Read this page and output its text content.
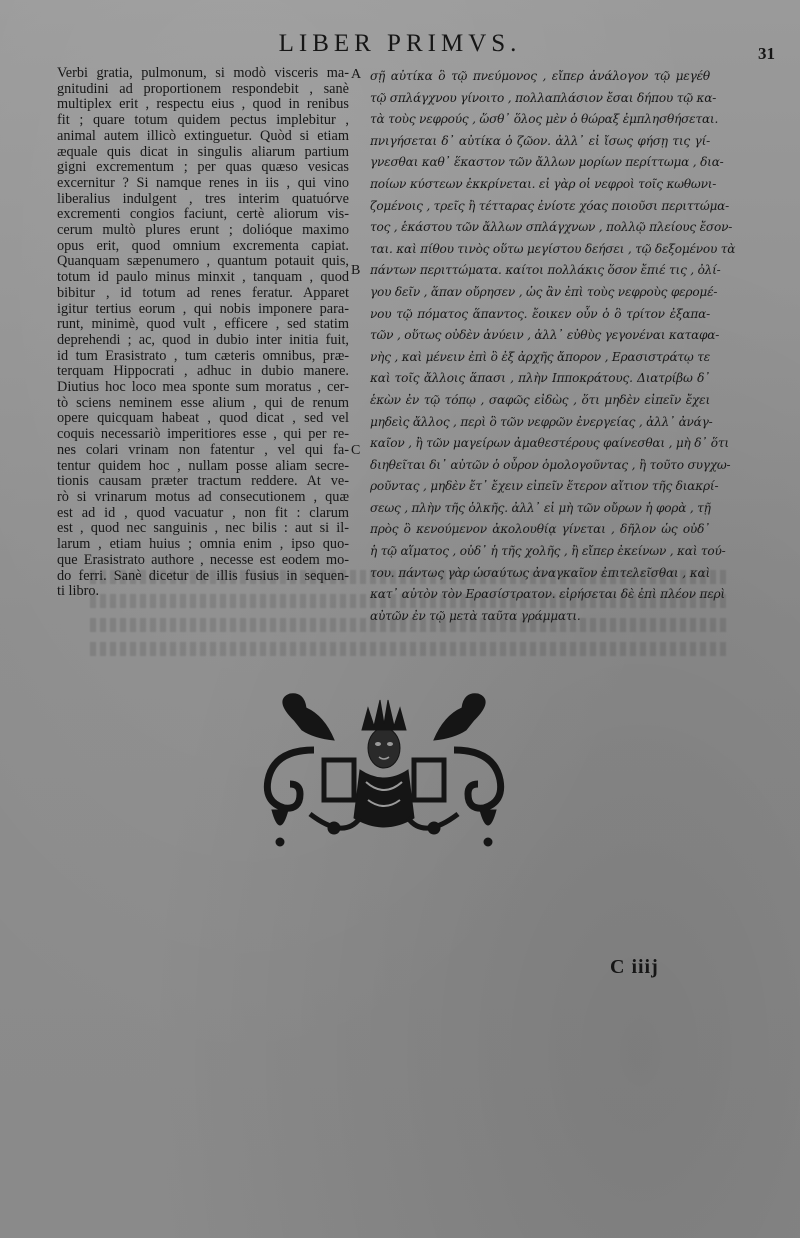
LIBER PRIMVS.	31
Verbi gratia, pulmonum, si modò visceris ma-
gnitudini ad proportionem respondebit , sanè
multiplex erit , respectu eius , quod in renibus
fit ; quare totum quidem pectus implebitur ,
animal autem illicò extinguetur. Quòd si etiam
æquale quis dicat in singulis aliarum partium
gigni excrementum ; per quas quæso vesicas
excernitur ? Si namque renes in iis , qui vino
liberalius indulgent , tres interim quatuórve
excrementi congios faciunt, certè aliorum vis-
cerum multò plures erunt ; dolióque maximo
opus erit, quod omnium excrementa capiat.
Quanquam sæpenumero , quantum potauit quis,
totum id paulo minus minxit , tanquam , quod
bibitur , id totum ad renes feratur. Apparet
igitur tertius eorum , qui nobis imponere para-
runt, minimè, quod vult , efficere , sed statim
deprehendi ; ac, quod in dubio inter initia fuit,
id tum Erasistrato , tum cæteris omnibus, præ-
terquam Hippocrati , adhuc in dubio manere.
Diutius hoc loco mea sponte sum moratus , cer-
tò sciens neminem esse alium , qui de renum
opere quicquam habeat , quod dicat , sed vel
coquis necessariò imperitiores esse , qui per re-
nes colari vrinam non fatentur , vel qui fa-
tentur quidem hoc , nullam posse aliam secre-
tionis causam præter tractum reddere. At ve-
rò si vrinarum motus ad consecutionem , quæ
est ad id , quod vacuatur , non fit : clarum
est , quod nec sanguinis , nec bilis : aut si il-
larum , etiam huius ; omnia enim , ipso quo-
que Erasistrato authore , necesse est eodem mo-
do ferri. Sanè dicetur de illis fusius in sequen-
ti libro.
σῇ αὐτίκα ὃ τῷ πνεύμονος , εἴπερ ἀνάλογον τῷ μεγέθ
τῷ σπλάγχνου γίνοιτο , πολλαπλάσιον ἔσαι δήπου τῷ κα-
τὰ τοὺς νεφρούς , ὥσθ᾽ ὅλος μὲν ὁ θώραξ ἐμπλησθήσεται.
πνιγήσεται δ᾽ αὐτίκα ὁ ζῶον. ἀλλ᾽ εἰ ἴσως φήσῃ τις γί-
γνεσθαι καθ᾽ ἕκαστον τῶν ἄλλων μορίων περίττωμα , δια-
ποίων κύστεων ἐκκρίνεται. εἰ γὰρ οἱ νεφροὶ τοῖς κωθωνι-
ζομένοις , τρεῖς ἢ τέτταρας ἐνίοτε χόας ποιοῦσι περιττώμα-
τος , ἑκάστου τῶν ἄλλων σπλάγχνων , πολλῷ πλείους ἔσον-
ται. καὶ πίθου τινὸς οὕτω μεγίστου δεήσει , τῷ δεξομένου τὰ
πάντων περιττώματα. καίτοι πολλάκις ὅσον ἔπιέ τις , ὀλί-
γου δεῖν , ἅπαν οὔρησεν , ὡς ἂν ἐπὶ τοὺς νεφροὺς φερομέ-
νου τῷ πόματος ἅπαντος. ἔοικεν οὖν ὁ ὃ τρίτον ἐξαπα-
τῶν , οὕτως οὐδὲν ἀνύειν , ἀλλ᾽ εὐθὺς γεγονέναι καταφα-
νὴς , καὶ μένειν ἐπὶ ὃ ἐξ ἀρχῆς ἄπορον , Ερασιστράτῳ τε
καὶ τοῖς ἄλλοις ἅπασι , πλὴν Ιπποκράτους. Διατρίβω δ᾽
ἑκὼν ἐν τῷ τόπῳ , σαφῶς εἰδὼς , ὅτι μηδὲν εἰπεῖν ἔχει
μηδεὶς ἄλλος , περὶ ὃ τῶν νεφρῶν ἐνεργείας , ἀλλ᾽ ἀνάγ-
καῖον , ἢ τῶν μαγείρων ἀμαθεστέρους φαίνεσθαι , μὴ δ᾽ ὅτι
διηθεῖται δι᾽ αὐτῶν ὁ οὖρον ὁμολογοῦντας , ἢ τοῦτο συγχω-
ροῦντας , μηδὲν ἔτ᾽ ἔχειν εἰπεῖν ἕτερον αἴτιον τῆς διακρί-
σεως , πλὴν τῆς ὁλκῆς. ἀλλ᾽ εἰ μὴ τῶν οὔρων ἡ φορὰ , τῇ
πρὸς ὃ κενούμενον ἀκολουθίᾳ γίνεται , δῆλον ὡς οὐδ᾽
ἡ τῷ αἵματος , οὐδ᾽ ἡ τῆς χολῆς , ἢ εἴπερ ἐκείνων , καὶ τού-
του. πάντως γὰρ ὡσαύτως ἀναγκαῖον ἐπιτελεῖσθαι , καὶ
κατ᾽ αὐτὸν τὸν Ερασίστρατον. εἰρήσεται δὲ ἐπὶ πλέον περὶ
αὐτῶν ἐν τῷ μετὰ ταῦτα γράμματι.
A
B
C
C iiij
